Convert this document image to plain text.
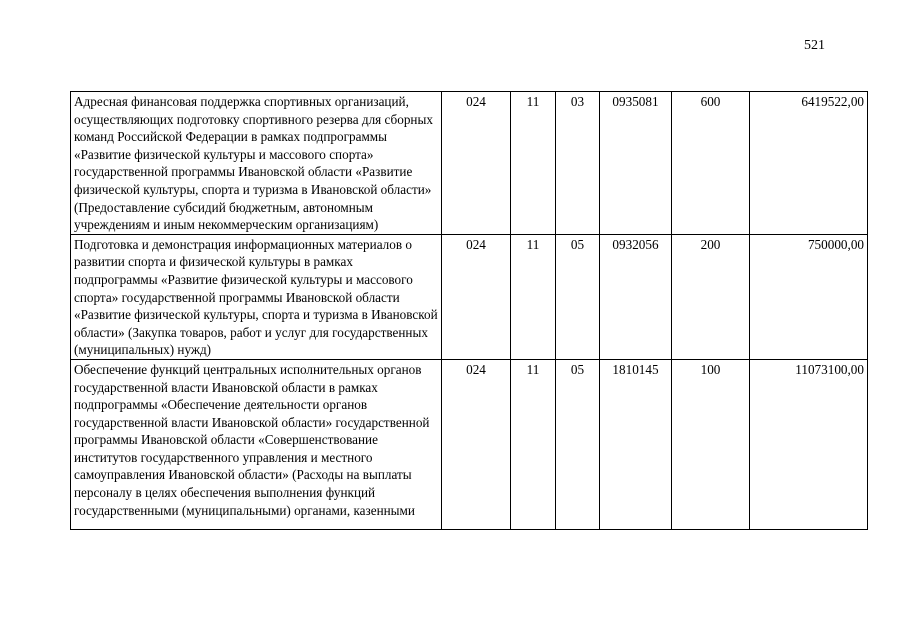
521
Адресная финансовая поддержка спортивных организаций, осуществляющих подготовку спортивного резерва для сборных команд Российской Федерации в рамках подпрограммы «Развитие физической культуры и массового спорта» государственной программы Ивановской области «Развитие физической культуры, спорта и туризма в Ивановской области» (Предоставление субсидий бюджетным, автономным учреждениям и иным некоммерческим организациям)	024	11	03	0935081	600	6419522,00
Подготовка и демонстрация информационных материалов о развитии спорта и физической культуры в рамках подпрограммы «Развитие физической культуры и массового спорта» государственной программы Ивановской области «Развитие физической культуры, спорта и туризма в Ивановской области» (Закупка товаров, работ и услуг для государственных (муниципальных) нужд)	024	11	05	0932056	200	750000,00
Обеспечение функций центральных исполнительных органов государственной власти Ивановской области в рамках подпрограммы «Обеспечение деятельности органов государственной власти Ивановской области» государственной программы Ивановской области «Совершенствование институтов государственного управления и местного самоуправления Ивановской области» (Расходы на выплаты персоналу в целях обеспечения выполнения функций государственными (муниципальными) органами, казенными	024	11	05	1810145	100	11073100,00
